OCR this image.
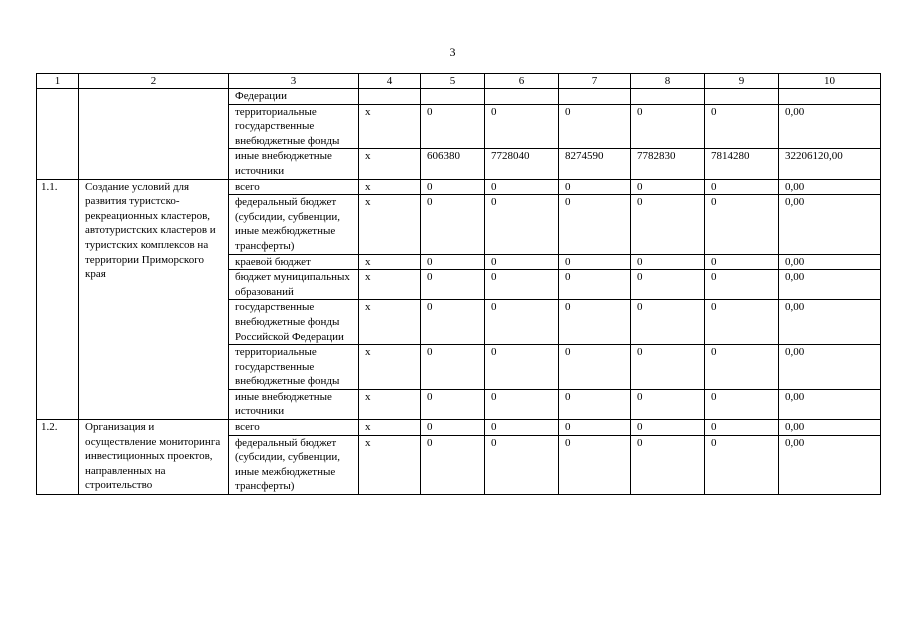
3
1	2	3	4	5	6	7	8	9	10
		Федерации							
		территориальные государственные внебюджетные фонды	х	0	0	0	0	0	0,00
		иные внебюджетные источники	х	606380	7728040	8274590	7782830	7814280	32206120,00
1.1.	Создание условий для развития туристско-рекреационных кластеров, автотуристских кластеров и туристских комплексов на территории Приморского края	всего	х	0	0	0	0	0	0,00
		федеральный бюджет (субсидии, субвенции, иные межбюджетные трансферты)	х	0	0	0	0	0	0,00
		краевой бюджет	х	0	0	0	0	0	0,00
		бюджет муниципальных образований	х	0	0	0	0	0	0,00
		государственные внебюджетные фонды Российской Федерации	х	0	0	0	0	0	0,00
		территориальные государственные внебюджетные фонды	х	0	0	0	0	0	0,00
		иные внебюджетные источники	х	0	0	0	0	0	0,00
1.2.	Организация и осуществление мониторинга инвестиционных проектов, направленных на строительство	всего	х	0	0	0	0	0	0,00
		федеральный бюджет (субсидии, субвенции, иные межбюджетные трансферты)	х	0	0	0	0	0	0,00
